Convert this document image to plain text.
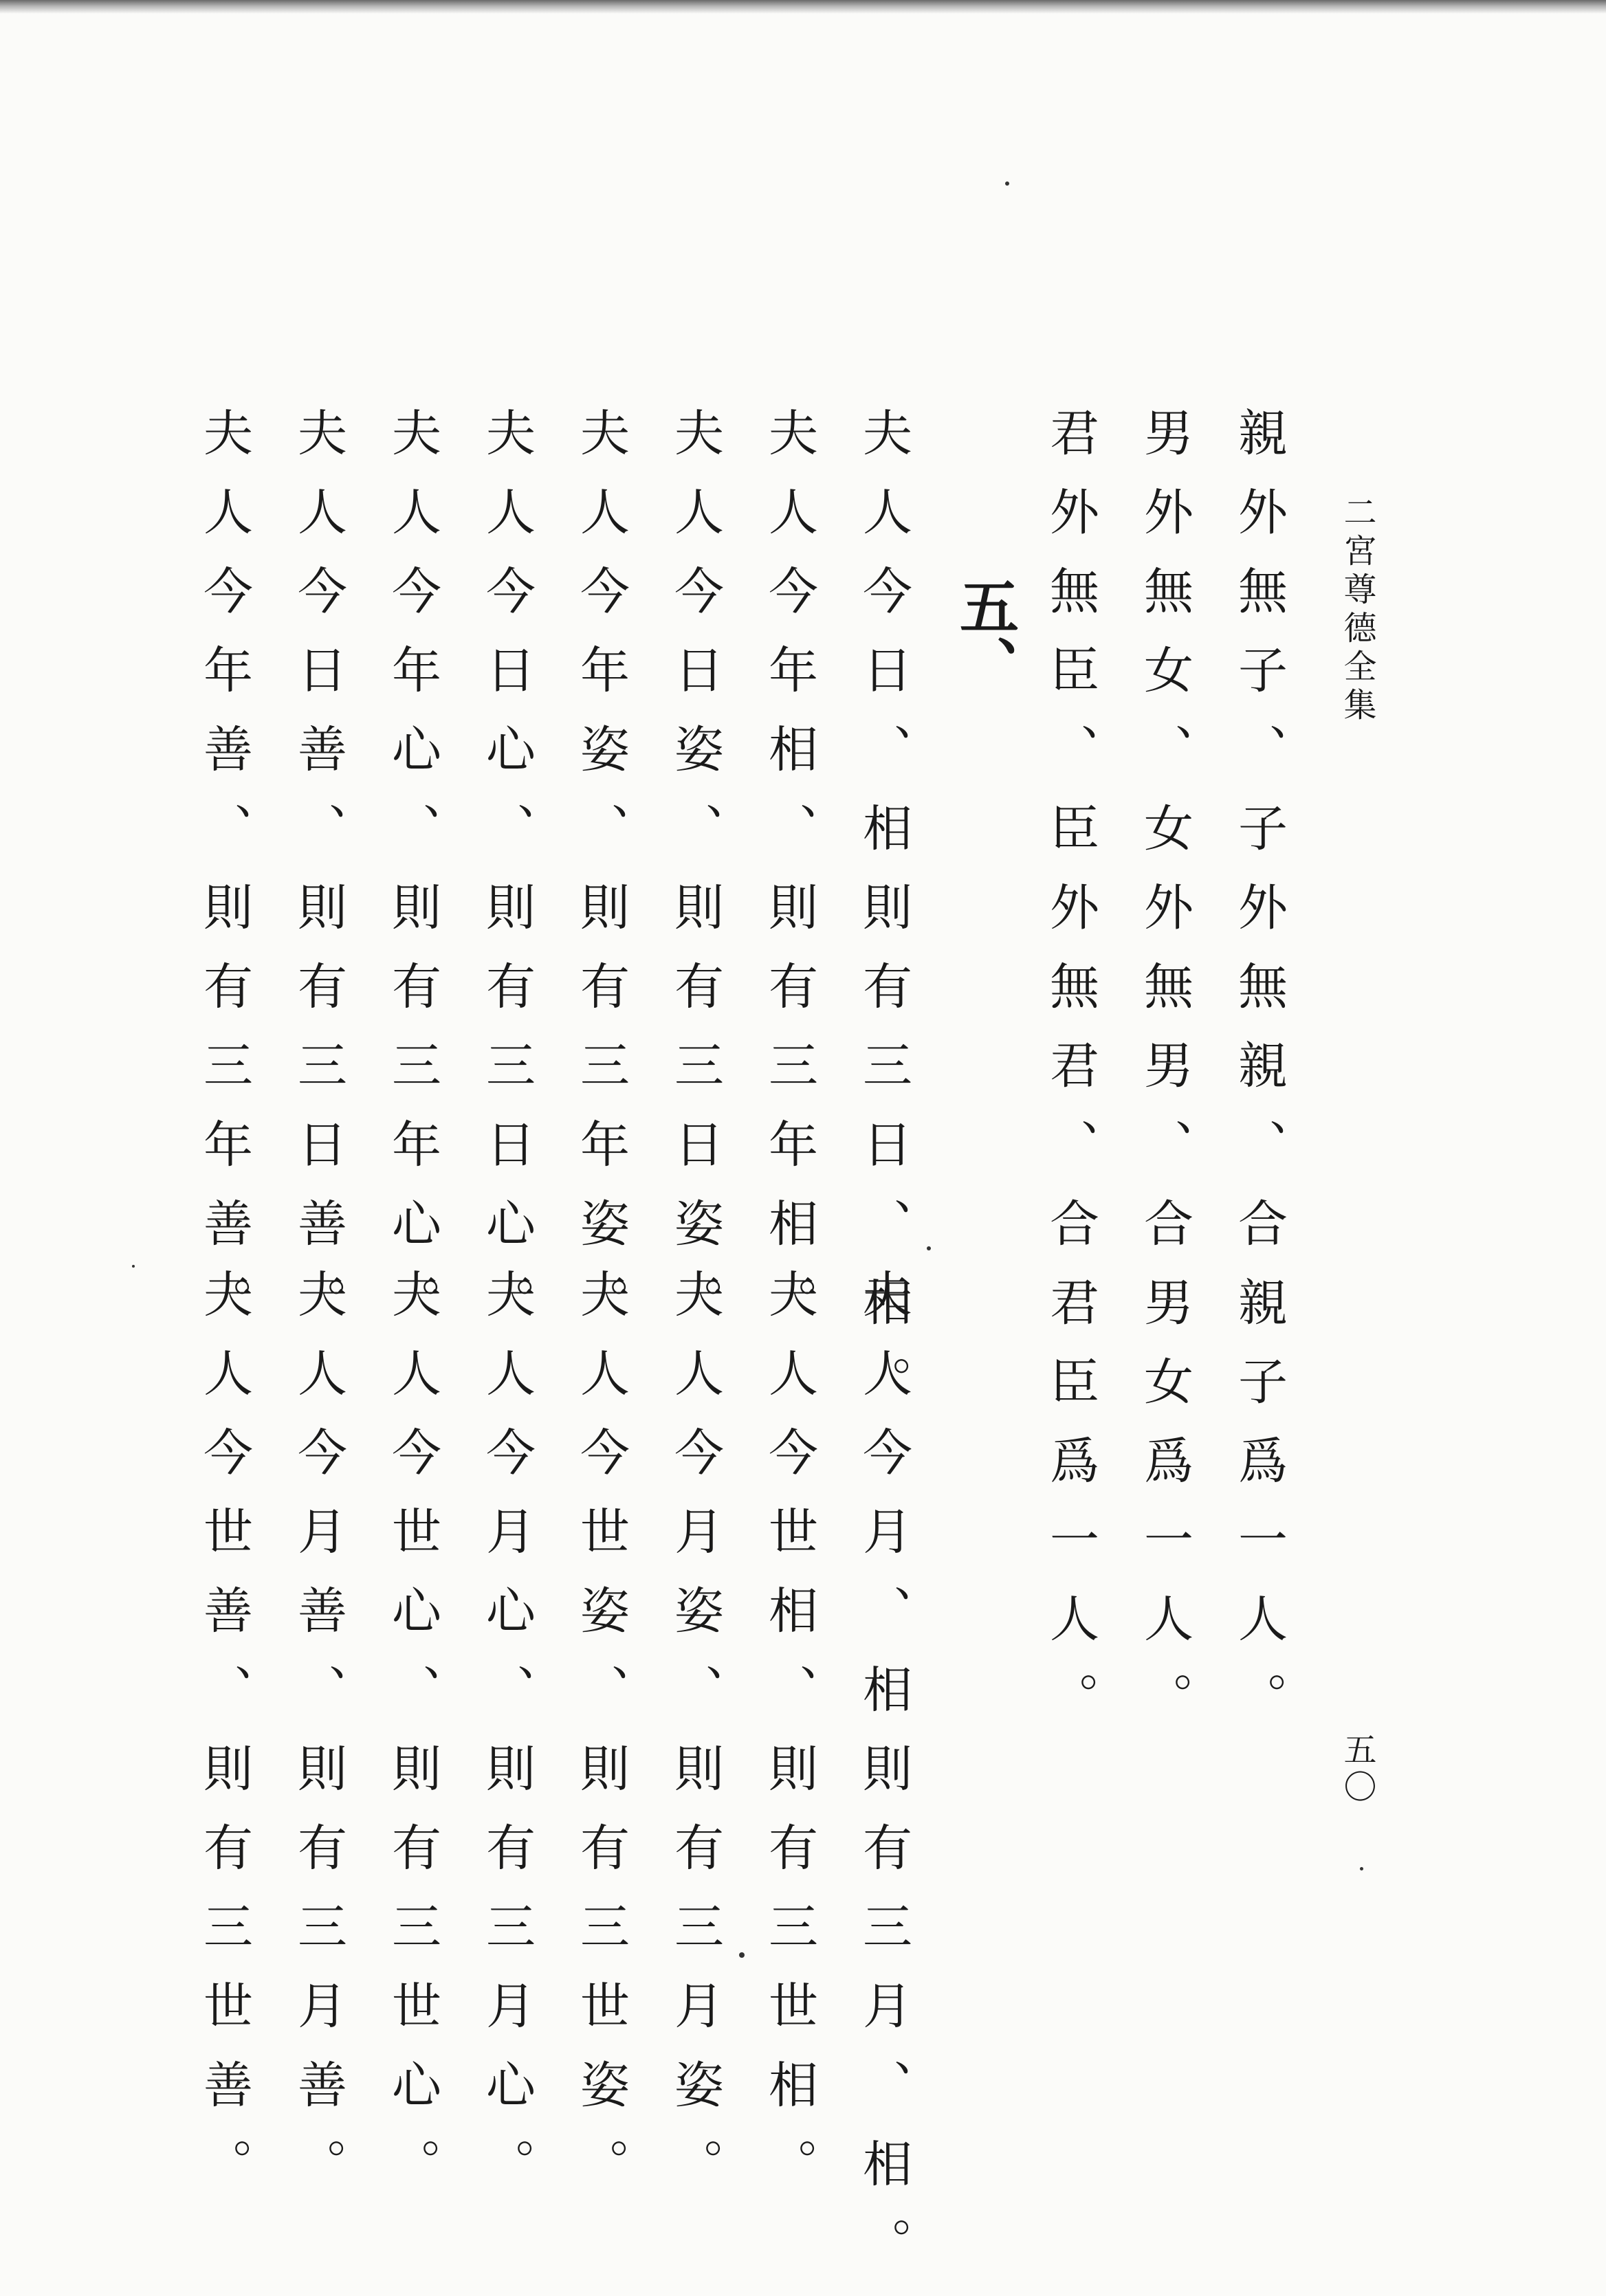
二宮尊德全集
親外無子、子外無親、合親子爲一人。
男外無女、女外無男、合男女爲一人。
君外無臣、臣外無君、合君臣爲一人。
五、
夫人今日、相則有三日、相。
夫人今年相、則有三年相。
夫人今日姿、則有三日姿。
夫人今年姿、則有三年姿。
夫人今日心、則有三日心。
夫人今年心、則有三年心。
夫人今日善、則有三日善。
夫人今年善、則有三年善。
夫人今月、相則有三月、相。
夫人今世相、則有三世相。
夫人今月姿、則有三月姿。
夫人今世姿、則有三世姿。
夫人今月心、則有三月心。
夫人今世心、則有三世心。
夫人今月善、則有三月善。
夫人今世善、則有三世善。	五〇
